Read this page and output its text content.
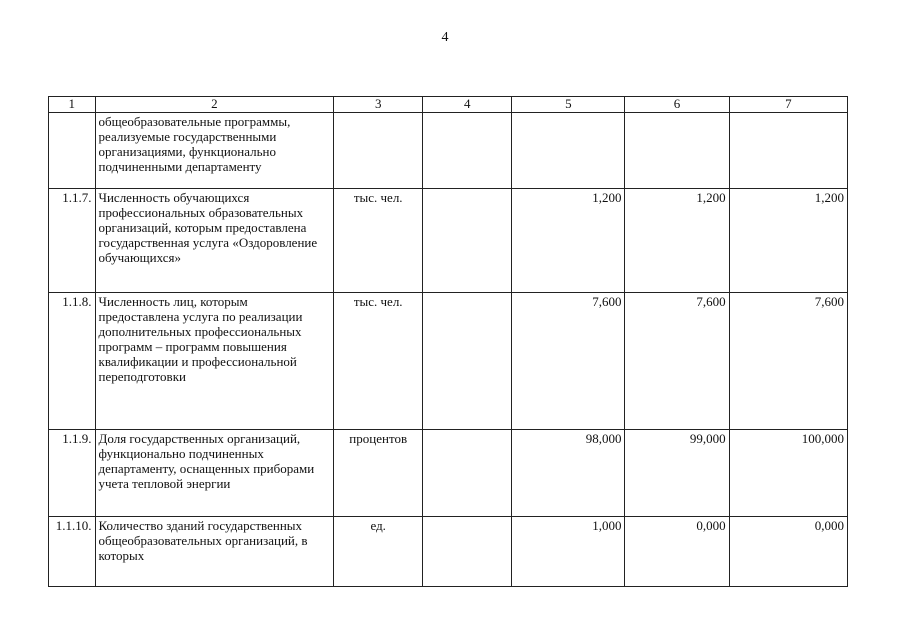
4
1	2	3	4	5	6	7
	общеобразовательные программы, реализуемые государственными организациями, функционально подчиненными департаменту					
1.1.7.	Численность обучающихся профессиональных образовательных организаций, которым предоставлена государственная услуга «Оздоровление обучающихся»	тыс. чел.		1,200	1,200	1,200
1.1.8.	Численность лиц, которым предоставлена услуга по реализации дополнительных профессиональных программ – программ повышения квалификации и профессиональной переподготовки	тыс. чел.		7,600	7,600	7,600
1.1.9.	Доля государственных организаций, функционально подчиненных департаменту, оснащенных приборами учета тепловой энергии	процентов		98,000	99,000	100,000
1.1.10.	Количество зданий государственных общеобразовательных организаций, в которых	ед.		1,000	0,000	0,000
